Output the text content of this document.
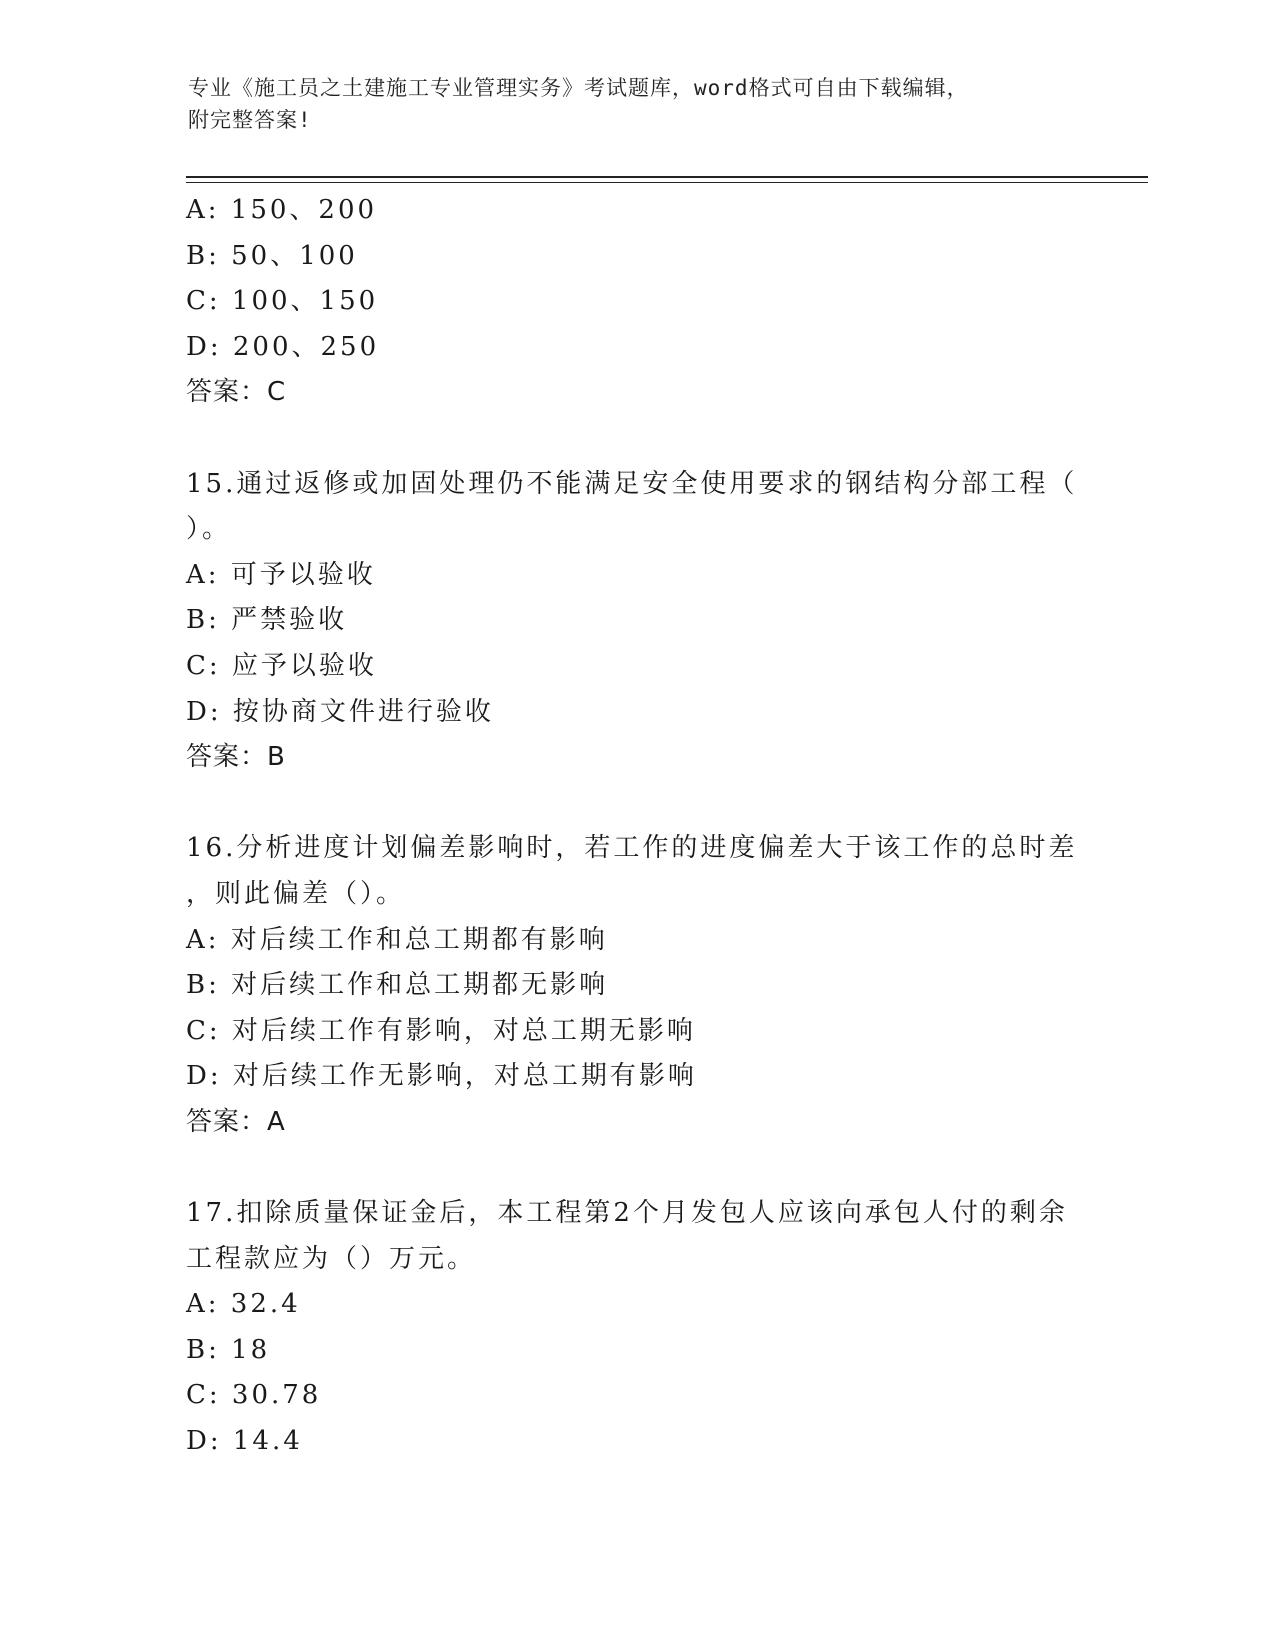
专业《施工员之土建施工专业管理实务》考试题库，word格式可自由下载编辑，
附完整答案!
A: 150、200
B: 50、100
C: 100、150
D: 200、250
答案：C
15.通过返修或加固处理仍不能满足安全使用要求的钢结构分部工程（
）。
A: 可予以验收
B: 严禁验收
C: 应予以验收
D: 按协商文件进行验收
答案：B
16.分析进度计划偏差影响时，若工作的进度偏差大于该工作的总时差
，则此偏差（）。
A: 对后续工作和总工期都有影响
B: 对后续工作和总工期都无影响
C: 对后续工作有影响，对总工期无影响
D: 对后续工作无影响，对总工期有影响
答案：A
17.扣除质量保证金后，本工程第2个月发包人应该向承包人付的剩余
工程款应为（）万元。
A: 32.4
B: 18
C: 30.78
D: 14.4
